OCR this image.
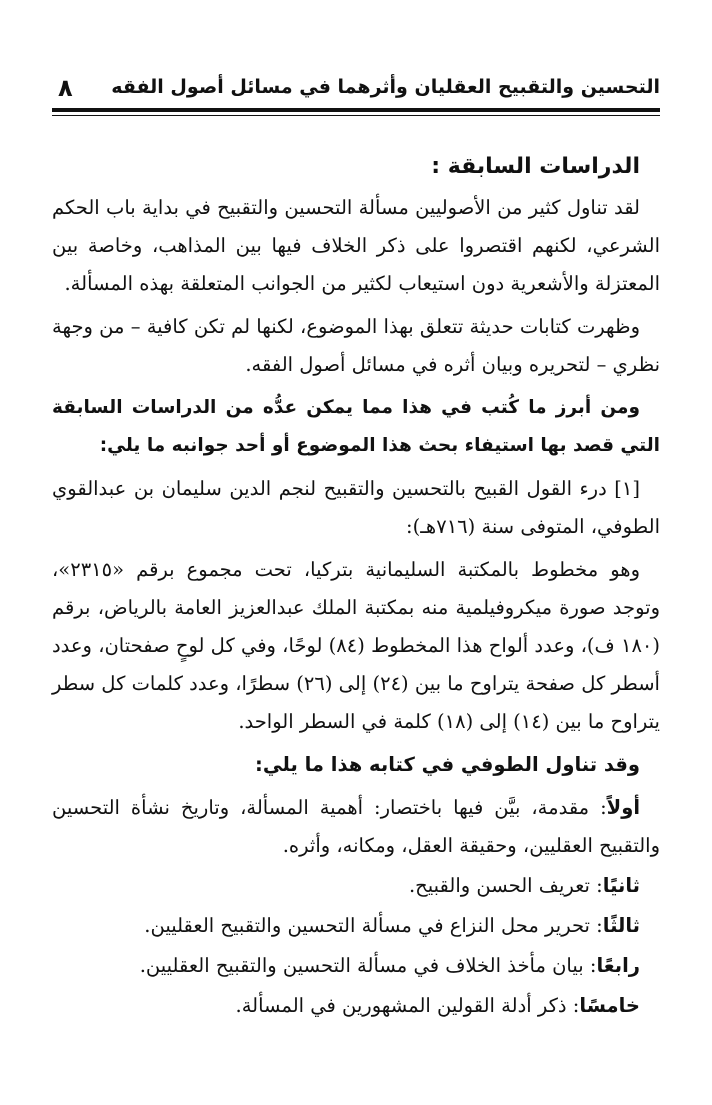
التحسين والتقبيح العقليان وأثرهما في مسائل أصول الفقه
٨

الدراسات السابقة :

لقد تناول كثير من الأصوليين مسألة التحسين والتقبيح في بداية باب الحكم الشرعي، لكنهم اقتصروا على ذكر الخلاف فيها بين المذاهب، وخاصة بين المعتزلة والأشعرية دون استيعاب لكثير من الجوانب المتعلقة بهذه المسألة.

وظهرت كتابات حديثة تتعلق بهذا الموضوع، لكنها لم تكن كافية – من وجهة نظري – لتحريره وبيان أثره في مسائل أصول الفقه.

ومن أبرز ما كُتب في هذا مما يمكن عدُّه من الدراسات السابقة التي قصد بها استيفاء بحث هذا الموضوع أو أحد جوانبه ما يلي:

[١] درء القول القبيح بالتحسين والتقبيح لنجم الدين سليمان بن عبدالقوي الطوفي، المتوفى سنة (٧١٦هـ):

وهو مخطوط بالمكتبة السليمانية بتركيا، تحت مجموع برقم «٢٣١٥»، وتوجد صورة ميكروفيلمية منه بمكتبة الملك عبدالعزيز العامة بالرياض، برقم (١٨٠ ف)، وعدد ألواح هذا المخطوط (٨٤) لوحًا، وفي كل لوحٍ صفحتان، وعدد أسطر كل صفحة يتراوح ما بين (٢٤) إلى (٢٦) سطرًا، وعدد كلمات كل سطر يتراوح ما بين (١٤) إلى (١٨) كلمة في السطر الواحد.

وقد تناول الطوفي في كتابه هذا ما يلي:

أولاً: مقدمة، بيَّن فيها باختصار: أهمية المسألة، وتاريخ نشأة التحسين والتقبيح العقليين، وحقيقة العقل، ومكانه، وأثره.

ثانيًا: تعريف الحسن والقبيح.

ثالثًا: تحرير محل النزاع في مسألة التحسين والتقبيح العقليين.

رابعًا: بيان مأخذ الخلاف في مسألة التحسين والتقبيح العقليين.

خامسًا: ذكر أدلة القولين المشهورين في المسألة.
